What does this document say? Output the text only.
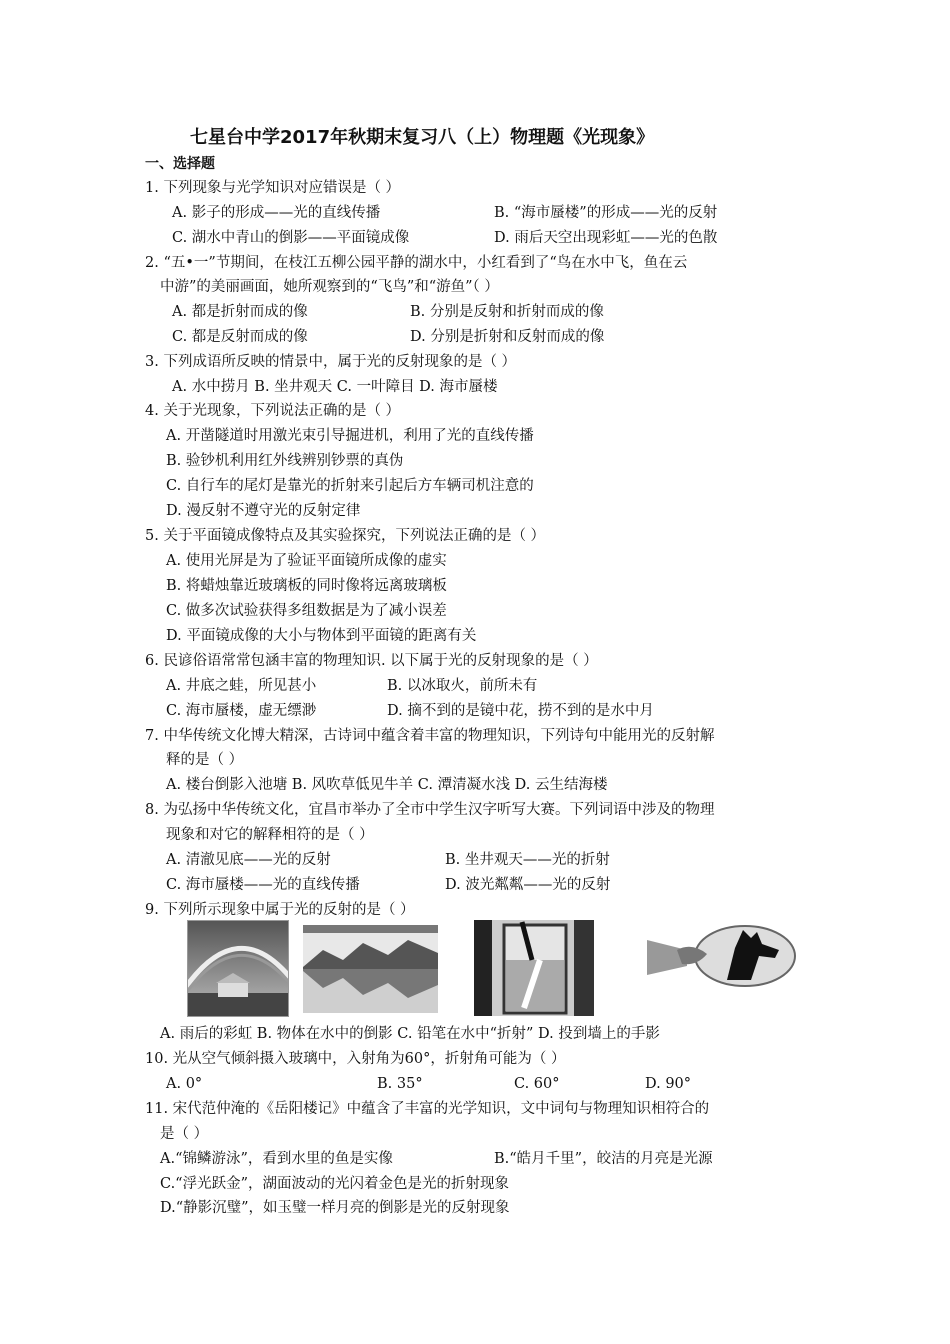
七星台中学2017年秋期末复习八（上）物理题《光现象》
一、选择题
1. 下列现象与光学知识对应错误是（ ）
A. 影子的形成——光的直线传播	B. “海市蜃楼”的形成——光的反射
C. 湖水中青山的倒影——平面镜成像	D. 雨后天空出现彩虹——光的色散
2. “五•一”节期间，在枝江五柳公园平静的湖水中，小红看到了“鸟在水中飞，鱼在云
中游”的美丽画面，她所观察到的“飞鸟”和“游鱼”（ ）
A. 都是折射而成的像	B. 分别是反射和折射而成的像
C. 都是反射而成的像	D. 分别是折射和反射而成的像
3. 下列成语所反映的情景中，属于光的反射现象的是（ ）
A. 水中捞月 B. 坐井观天 C. 一叶障目 D. 海市蜃楼
4. 关于光现象，下列说法正确的是（ ）
A. 开凿隧道时用激光束引导掘进机，利用了光的直线传播
B. 验钞机利用红外线辨别钞票的真伪
C. 自行车的尾灯是靠光的折射来引起后方车辆司机注意的
D. 漫反射不遵守光的反射定律
5. 关于平面镜成像特点及其实验探究，下列说法正确的是（ ）
A. 使用光屏是为了验证平面镜所成像的虚实
B. 将蜡烛靠近玻璃板的同时像将远离玻璃板
C. 做多次试验获得多组数据是为了减小误差
D. 平面镜成像的大小与物体到平面镜的距离有关
6. 民谚俗语常常包涵丰富的物理知识. 以下属于光的反射现象的是（ ）
A. 井底之蛙，所见甚小	B. 以冰取火，前所未有
C. 海市蜃楼，虚无缥渺	D. 摘不到的是镜中花，捞不到的是水中月
7. 中华传统文化博大精深，古诗词中蕴含着丰富的物理知识，下列诗句中能用光的反射解
释的是（ ）
A. 楼台倒影入池塘 B. 风吹草低见牛羊 C. 潭清凝水浅 D. 云生结海楼
8. 为弘扬中华传统文化，宜昌市举办了全市中学生汉字听写大赛。下列词语中涉及的物理
现象和对它的解释相符的是（ ）
A. 清澈见底——光的反射	B. 坐井观天——光的折射
C. 海市蜃楼——光的直线传播	D. 波光粼粼——光的反射
9. 下列所示现象中属于光的反射的是（ ）
A. 雨后的彩虹 B. 物体在水中的倒影 C. 铅笔在水中“折射” D. 投到墙上的手影
10. 光从空气倾斜摄入玻璃中，入射角为60°，折射角可能为（ ）
A. 0°	B. 35°	C. 60°	D. 90°
11. 宋代范仲淹的《岳阳楼记》中蕴含了丰富的光学知识，文中词句与物理知识相符合的
是（ ）
A.“锦鳞游泳”，看到水里的鱼是实像	B.“皓月千里”，皎洁的月亮是光源
C.“浮光跃金”，湖面波动的光闪着金色是光的折射现象
D.“静影沉璧”，如玉璧一样月亮的倒影是光的反射现象
